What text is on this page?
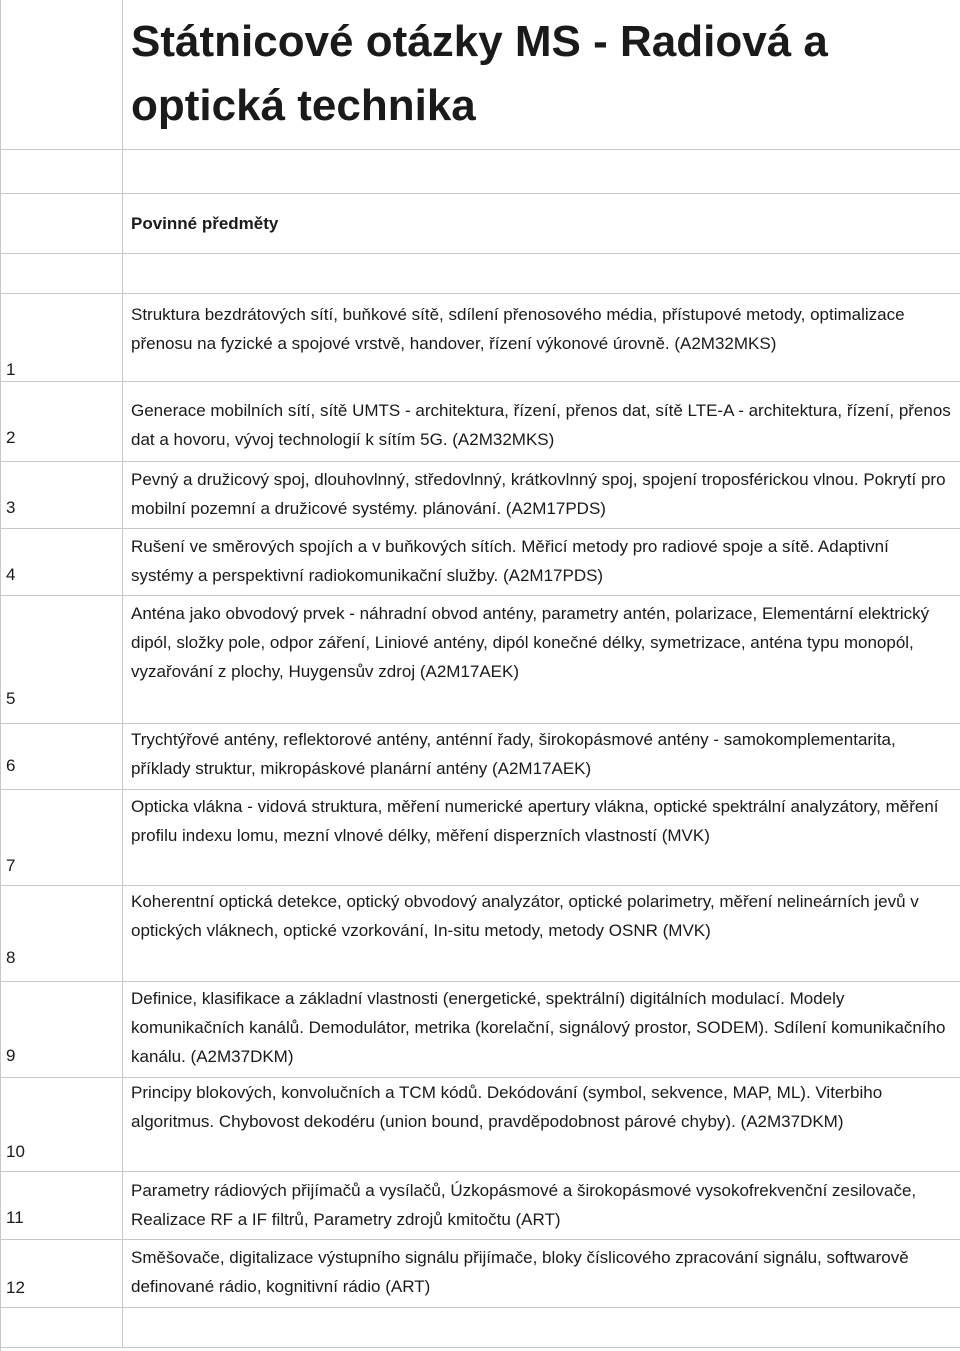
Státnicové otázky MS - Radiová a optická technika
Povinné předměty
1
Struktura bezdrátových sítí, buňkové sítě, sdílení přenosového média, přístupové metody, optimalizace přenosu na fyzické a spojové vrstvě, handover, řízení výkonové úrovně. (A2M32MKS)
2
Generace mobilních sítí, sítě UMTS - architektura, řízení, přenos dat, sítě LTE-A - architektura, řízení, přenos dat a hovoru, vývoj technologií k sítím 5G. (A2M32MKS)
3
Pevný a družicový spoj, dlouhovlnný, středovlnný, krátkovlnný spoj, spojení troposférickou vlnou. Pokrytí pro mobilní pozemní a družicové systémy. plánování. (A2M17PDS)
4
Rušení ve směrových spojích a v buňkových sítích. Měřicí metody pro radiové spoje a sítě. Adaptivní systémy a perspektivní radiokomunikační služby. (A2M17PDS)
5
Anténa jako obvodový prvek - náhradní obvod antény, parametry antén, polarizace, Elementární elektrický dipól, složky pole, odpor záření, Liniové antény, dipól konečné délky, symetrizace, anténa typu monopól, vyzařování z plochy, Huygensův zdroj (A2M17AEK)
6
Trychtýřové antény, reflektorové antény, anténní řady, širokopásmové antény - samokomplementarita, příklady struktur, mikropáskové planární antény (A2M17AEK)
7
Opticka vlákna - vidová struktura, měření numerické apertury vlákna, optické spektrální analyzátory, měření profilu indexu lomu, mezní vlnové délky, měření disperzních vlastností (MVK)
8
Koherentní optická detekce, optický obvodový analyzátor, optické polarimetry, měření nelineárních jevů v optických vláknech, optické vzorkování, In-situ metody, metody OSNR (MVK)
9
Definice, klasifikace a základní vlastnosti (energetické, spektrální) digitálních modulací. Modely komunikačních kanálů. Demodulátor, metrika (korelační, signálový prostor, SODEM). Sdílení komunikačního kanálu. (A2M37DKM)
10
Principy blokových, konvolučních a TCM kódů. Dekódování (symbol, sekvence, MAP, ML). Viterbiho algoritmus. Chybovost dekodéru (union bound, pravděpodobnost párové chyby). (A2M37DKM)
11
Parametry rádiových přijímačů a vysílačů, Úzkopásmové a širokopásmové vysokofrekvenční zesilovače, Realizace RF a IF filtrů, Parametry zdrojů kmitočtu (ART)
12
Směšovače, digitalizace výstupního signálu přijímače, bloky číslicového zpracování signálu, softwarově definované rádio, kognitivní rádio (ART)
